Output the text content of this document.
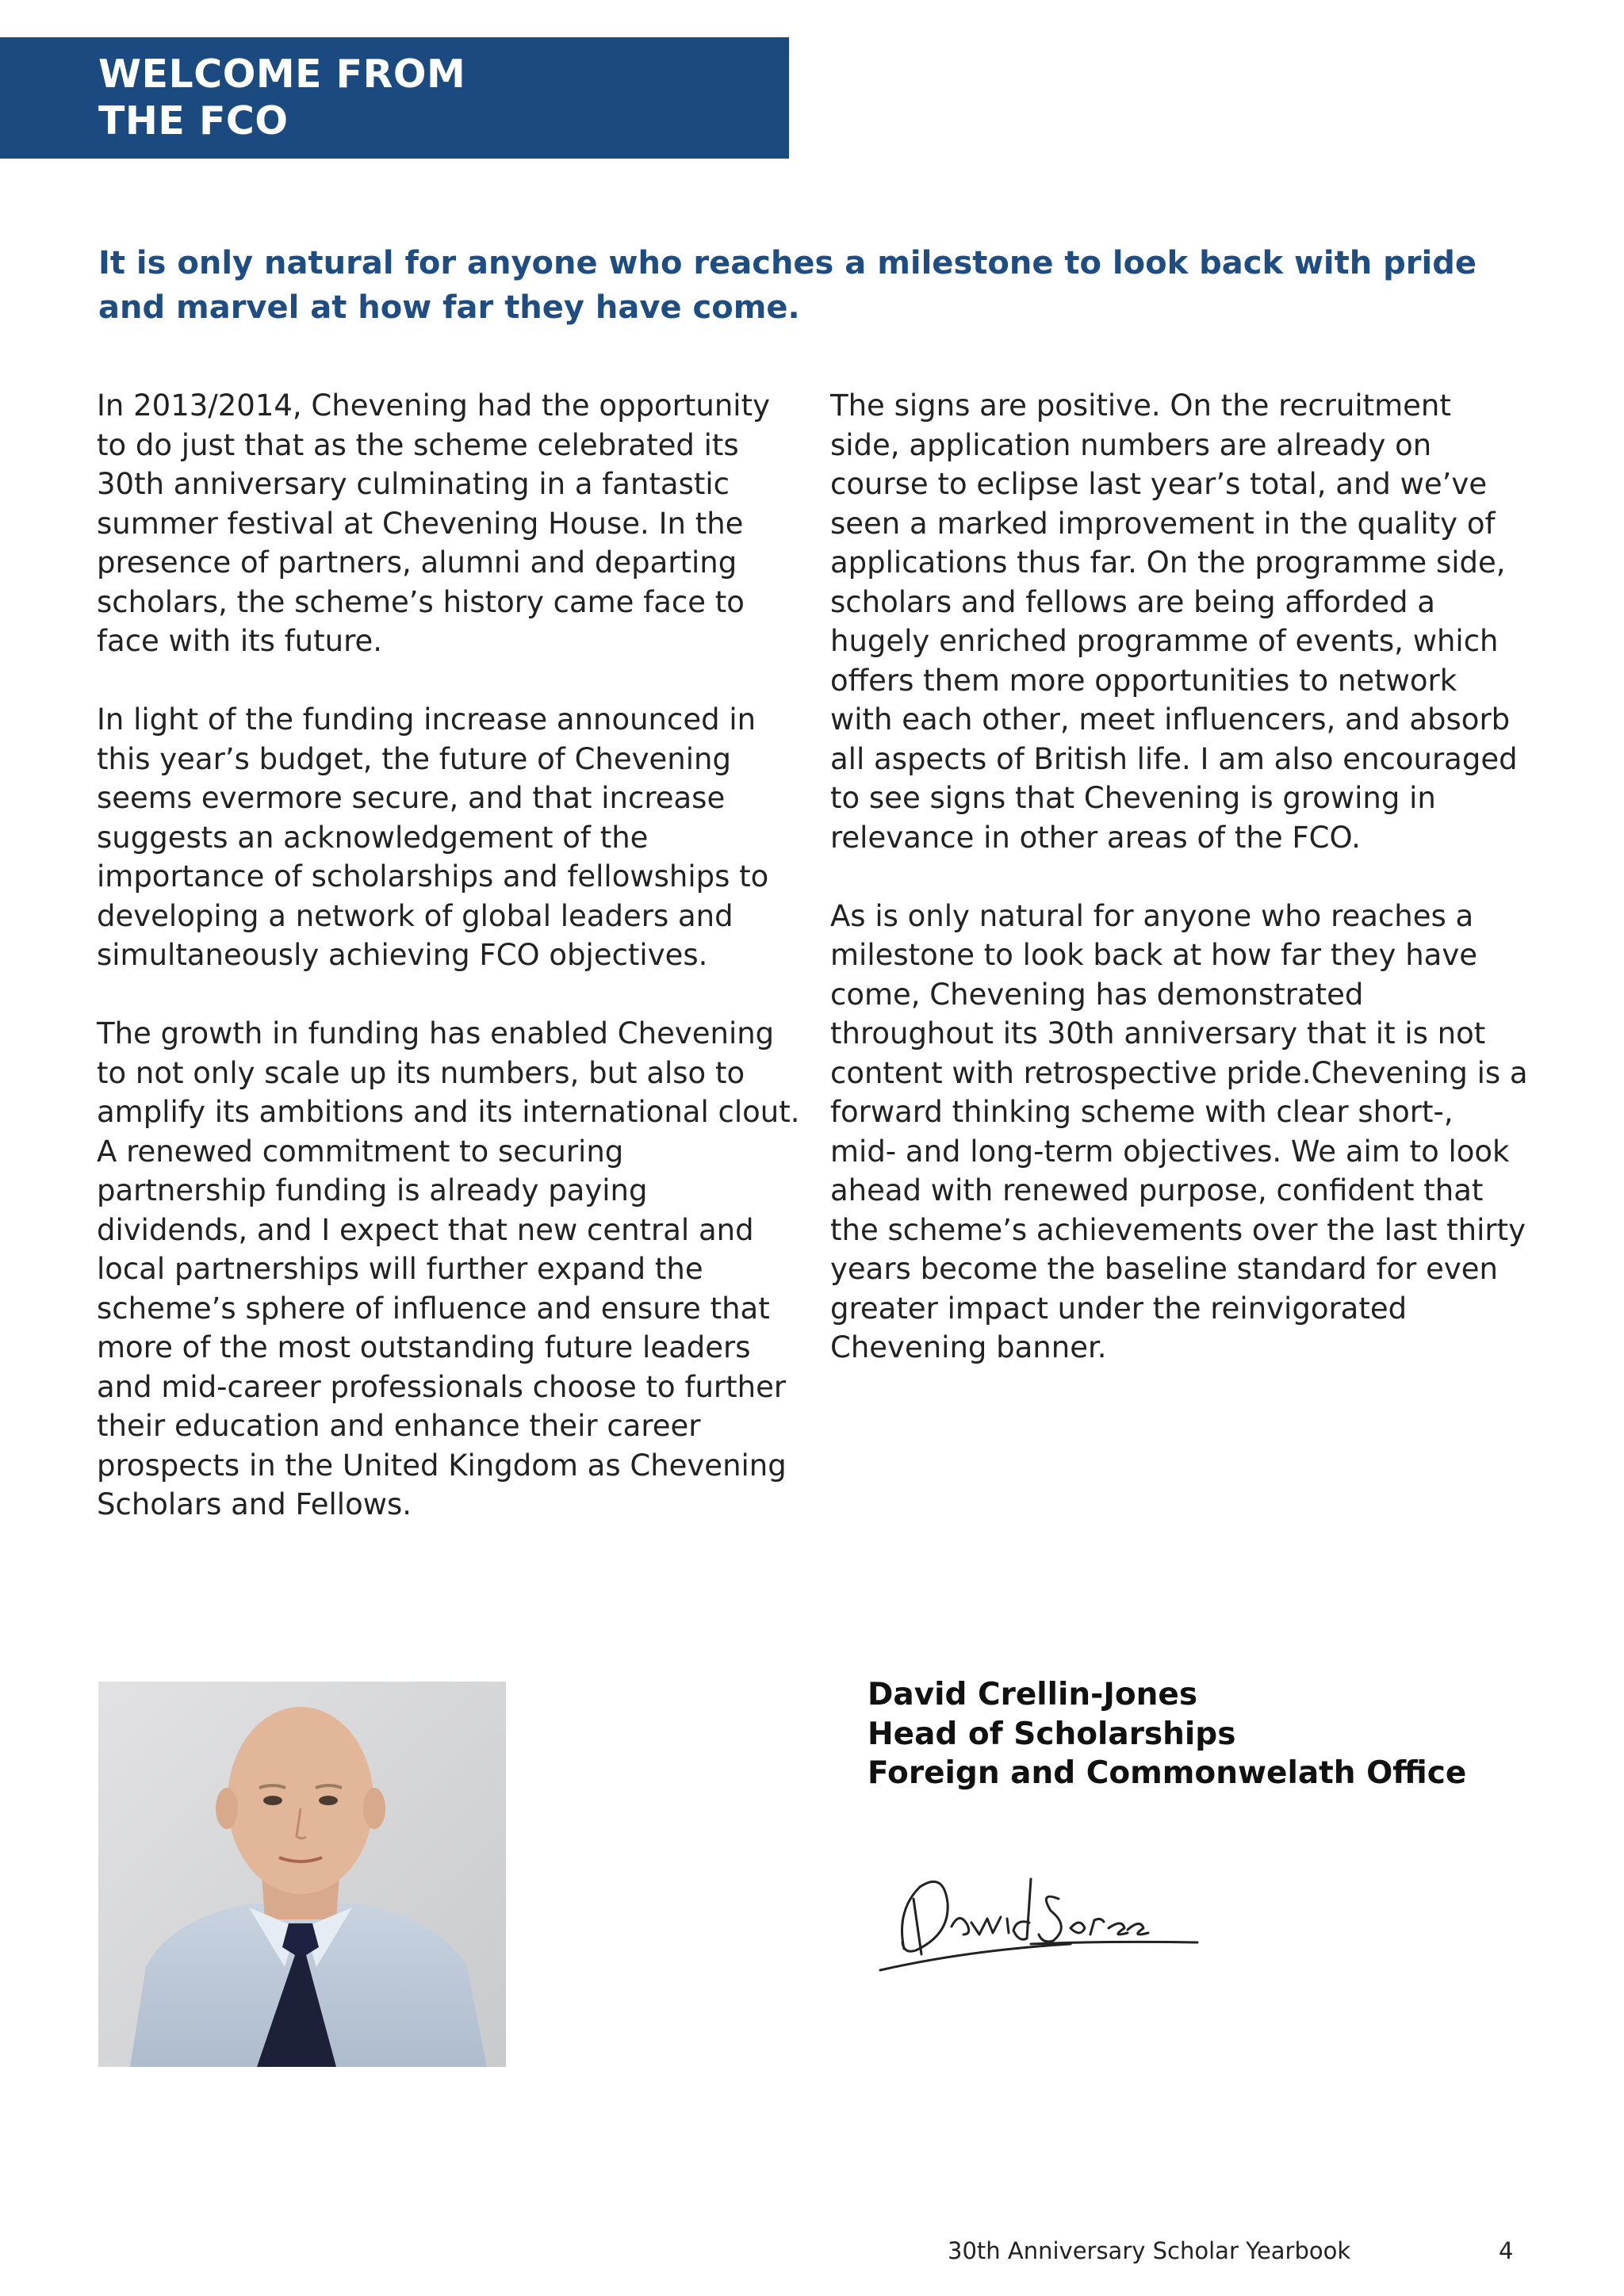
WELCOME FROM
THE FCO
It is only natural for anyone who reaches a milestone to look back with pride and marvel at how far they have come.

In 2013/2014, Chevening had the opportunity to do just that as the scheme celebrated its 30th anniversary culminating in a fantastic summer festival at Chevening House. In the presence of partners, alumni and departing scholars, the scheme’s history came face to face with its future.

In light of the funding increase announced in this year’s budget, the future of Chevening seems evermore secure, and that increase suggests an acknowledgement of the importance of scholarships and fellowships to developing a network of global leaders and simultaneously achieving FCO objectives.

The growth in funding has enabled Chevening to not only scale up its numbers, but also to amplify its ambitions and its international clout. A renewed commitment to securing partnership funding is already paying dividends, and I expect that new central and local partnerships will further expand the scheme’s sphere of influence and ensure that more of the most outstanding future leaders and mid-career professionals choose to further their education and enhance their career prospects in the United Kingdom as Chevening Scholars and Fellows.

The signs are positive. On the recruitment side, application numbers are already on course to eclipse last year’s total, and we’ve seen a marked improvement in the quality of applications thus far. On the programme side, scholars and fellows are being afforded a hugely enriched programme of events, which offers them more opportunities to network with each other, meet influencers, and absorb all aspects of British life. I am also encouraged to see signs that Chevening is growing in relevance in other areas of the FCO.

As is only natural for anyone who reaches a milestone to look back at how far they have come, Chevening has demonstrated throughout its 30th anniversary that it is not content with retrospective pride.Chevening is a forward thinking scheme with clear short-, mid- and long-term objectives. We aim to look ahead with renewed purpose, confident that the scheme’s achievements over the last thirty years become the baseline standard for even greater impact under the reinvigorated Chevening banner.

David Crellin-Jones
Head of Scholarships
Foreign and Commonwelath Office
30th Anniversary Scholar Yearbook	4
